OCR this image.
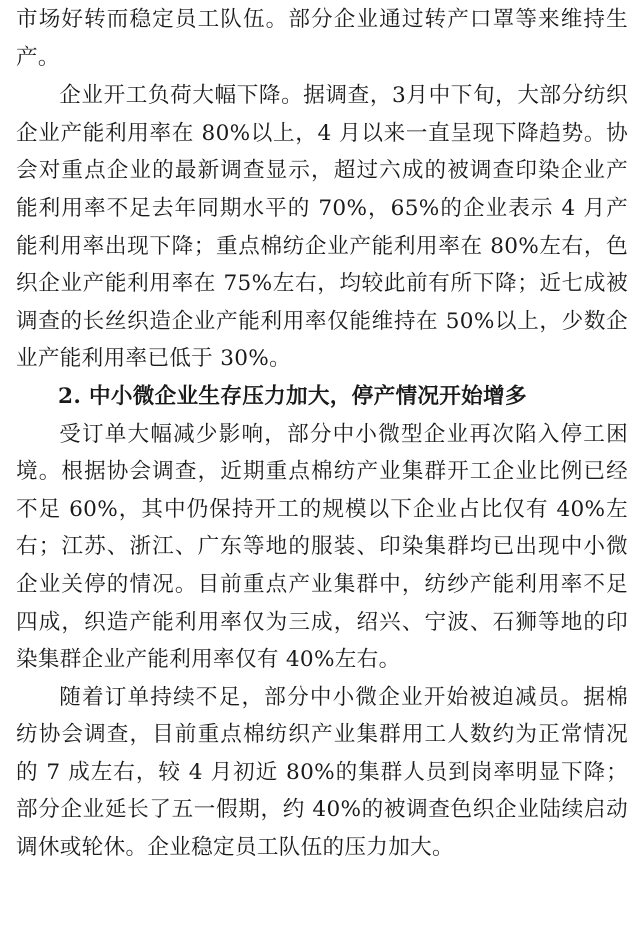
市场好转而稳定员工队伍。部分企业通过转产口罩等来维持生产。

企业开工负荷大幅下降。据调查，3月中下旬，大部分纺织企业产能利用率在 80%以上，4 月以来一直呈现下降趋势。协会对重点企业的最新调查显示，超过六成的被调查印染企业产能利用率不足去年同期水平的 70%，65%的企业表示 4 月产能利用率出现下降；重点棉纺企业产能利用率在 80%左右，色织企业产能利用率在 75%左右，均较此前有所下降；近七成被调查的长丝织造企业产能利用率仅能维持在 50%以上，少数企业产能利用率已低于 30%。

2. 中小微企业生存压力加大，停产情况开始增多

受订单大幅减少影响，部分中小微型企业再次陷入停工困境。根据协会调查，近期重点棉纺产业集群开工企业比例已经不足 60%，其中仍保持开工的规模以下企业占比仅有 40%左右；江苏、浙江、广东等地的服装、印染集群均已出现中小微企业关停的情况。目前重点产业集群中，纺纱产能利用率不足四成，织造产能利用率仅为三成，绍兴、宁波、石狮等地的印染集群企业产能利用率仅有 40%左右。

随着订单持续不足，部分中小微企业开始被迫减员。据棉纺协会调查，目前重点棉纺织产业集群用工人数约为正常情况的 7 成左右，较 4 月初近 80%的集群人员到岗率明显下降；部分企业延长了五一假期，约 40%的被调查色织企业陆续启动调休或轮休。企业稳定员工队伍的压力加大。
